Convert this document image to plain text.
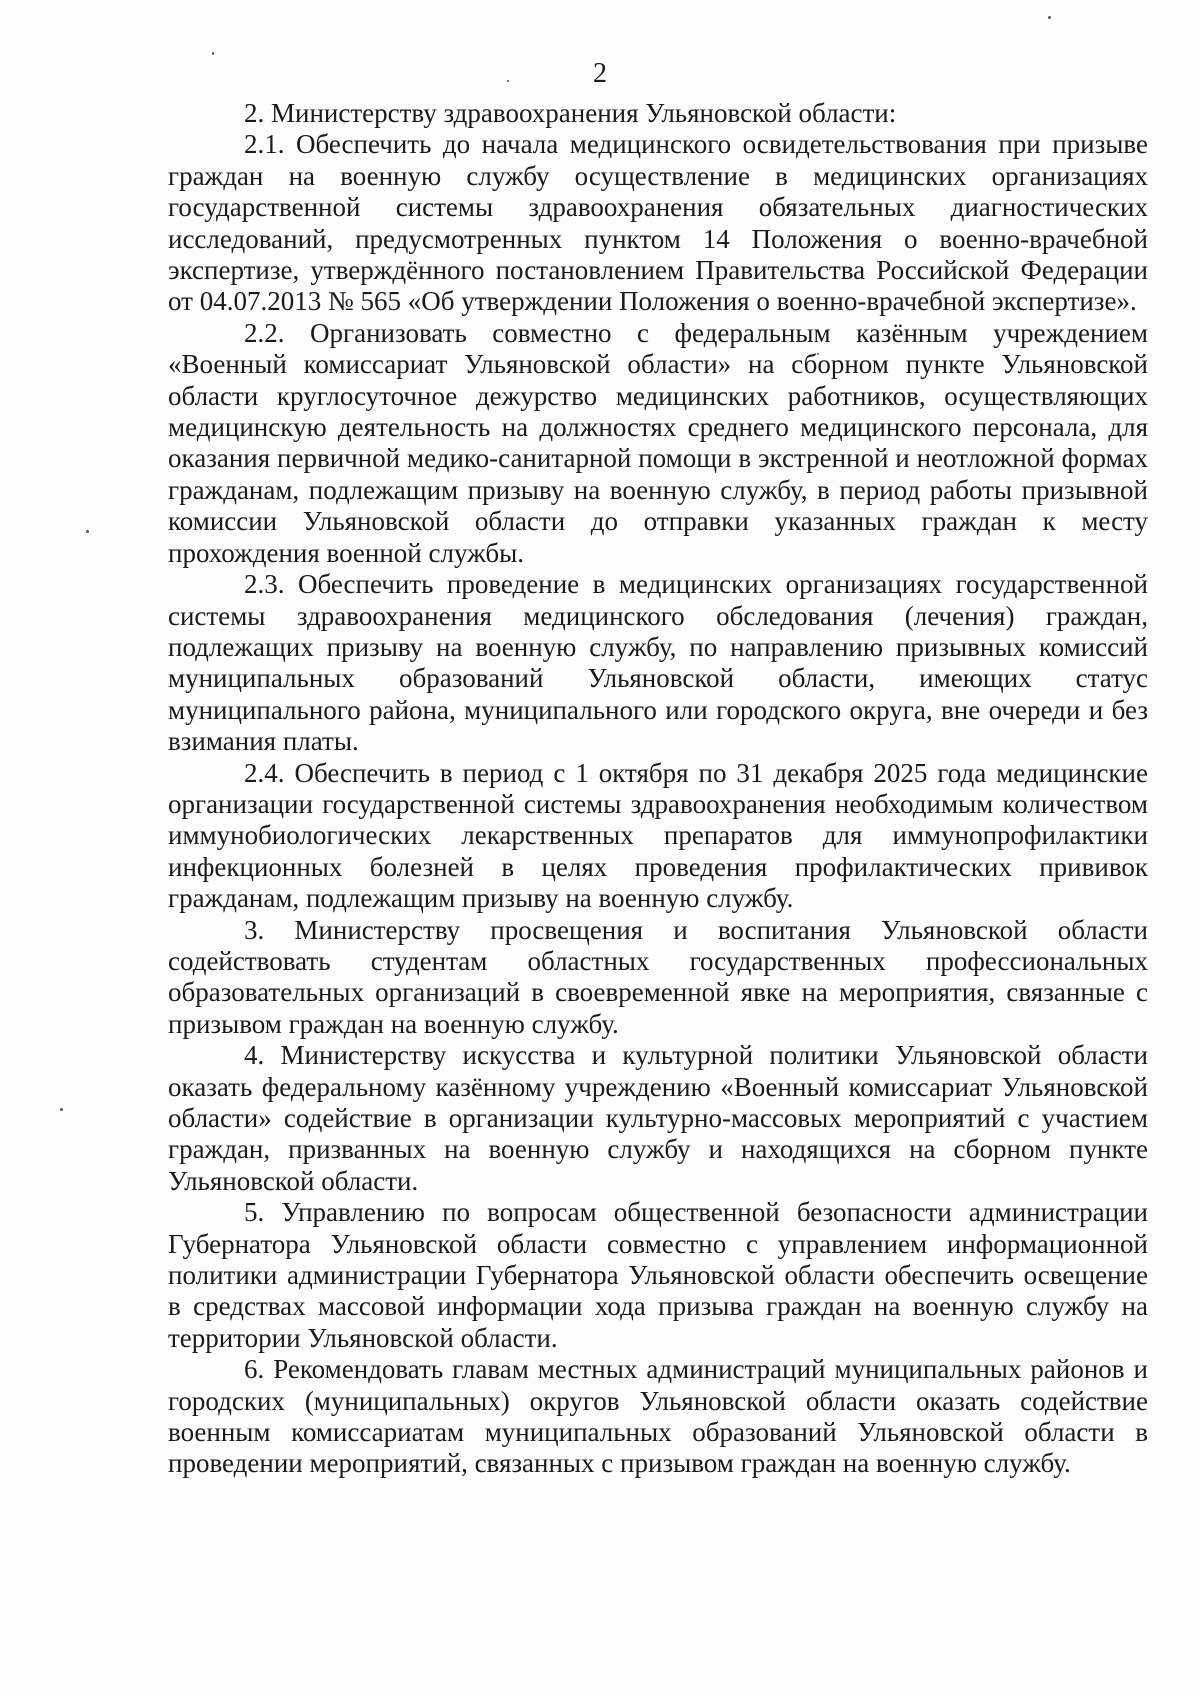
2

2. Министерству здравоохранения Ульяновской области:

2.1. Обеспечить до начала медицинского освидетельствования при призыве граждан на военную службу осуществление в медицинских организациях государственной системы здравоохранения обязательных диагностических исследований, предусмотренных пунктом 14 Положения о военно-врачебной экспертизе, утверждённого постановлением Правительства Российской Федерации от 04.07.2013 № 565 «Об утверждении Положения о военно-врачебной экспертизе».

2.2. Организовать совместно с федеральным казённым учреждением «Военный комиссариат Ульяновской области» на сборном пункте Ульяновской области круглосуточное дежурство медицинских работников, осуществляющих медицинскую деятельность на должностях среднего медицинского персонала, для оказания первичной медико-санитарной помощи в экстренной и неотложной формах гражданам, подлежащим призыву на военную службу, в период работы призывной комиссии Ульяновской области до отправки указанных граждан к месту прохождения военной службы.

2.3. Обеспечить проведение в медицинских организациях государственной системы здравоохранения медицинского обследования (лечения) граждан, подлежащих призыву на военную службу, по направлению призывных комиссий муниципальных образований Ульяновской области, имеющих статус муниципального района, муниципального или городского округа, вне очереди и без взимания платы.

2.4. Обеспечить в период с 1 октября по 31 декабря 2025 года медицинские организации государственной системы здравоохранения необходимым количеством иммунобиологических лекарственных препаратов для иммунопрофилактики инфекционных болезней в целях проведения профилактических прививок гражданам, подлежащим призыву на военную службу.

3. Министерству просвещения и воспитания Ульяновской области содействовать студентам областных государственных профессиональных образовательных организаций в своевременной явке на мероприятия, связанные с призывом граждан на военную службу.

4. Министерству искусства и культурной политики Ульяновской области оказать федеральному казённому учреждению «Военный комиссариат Ульяновской области» содействие в организации культурно-массовых мероприятий с участием граждан, призванных на военную службу и находящихся на сборном пункте Ульяновской области.

5. Управлению по вопросам общественной безопасности администрации Губернатора Ульяновской области совместно с управлением информационной политики администрации Губернатора Ульяновской области обеспечить освещение в средствах массовой информации хода призыва граждан на военную службу на территории Ульяновской области.

6. Рекомендовать главам местных администраций муниципальных районов и городских (муниципальных) округов Ульяновской области оказать содействие военным комиссариатам муниципальных образований Ульяновской области в проведении мероприятий, связанных с призывом граждан на военную службу.
